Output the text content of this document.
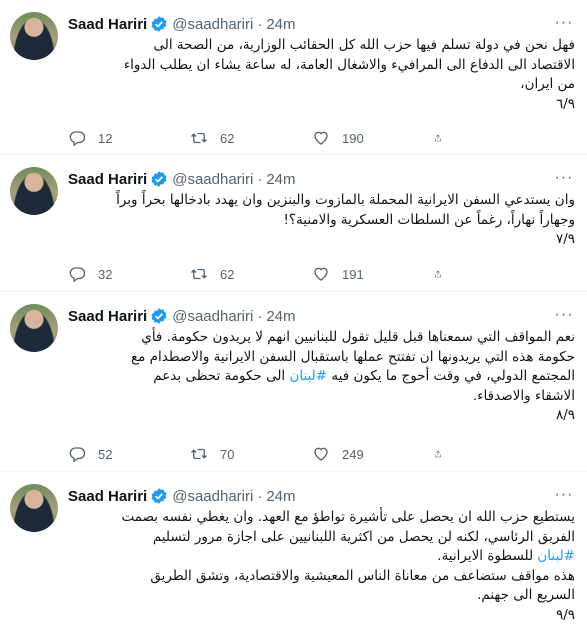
Saad Hariri @saadhariri · 24m	···

فهل نحن في دولة تسلم فيها حزب الله كل الحقائب الوزارية، من الصحة الى

الاقتصاد الى الدفاع الى المرافيء والاشغال العامة، له ساعة يشاء ان يطلب الدواء

من ايران،

٦/٩

12	62	190
Saad Hariri @saadhariri · 24m	···

وان يستدعي السفن الايرانية المحملة بالمازوت والبنزين وان يهدد بادخالها بحراً وبراً

وجهاراً نهاراً، رغماً عن السلطات العسكرية والامنية؟!

٧/٩

32	62	191
Saad Hariri @saadhariri · 24m	···

نعم المواقف التي سمعناها قبل قليل تقول للبنانيين انهم لا يريدون حكومة. فأي

حكومة هذه التي يريدونها ان تفتتح عملها باستقبال السفن الايرانية والاصطدام مع

المجتمع الدولي، في وقت أحوج ما يكون فيه #لبنان الى حكومة تحظى بدعم

الاشقاء والاصدقاء.

٨/٩

52	70	249
Saad Hariri @saadhariri · 24m	···

يستطيع حزب الله ان يحصل على تأشيرة تواطؤ مع العهد. وان يغطي نفسه بصمت

الفريق الرئاسي، لكنه لن يحصل من اكثرية اللبنانيين على اجازة مرور لتسليم

#لبنان للسطوة الايرانية.

هذه مواقف ستضاعف من معاناة الناس المعيشية والاقتصادية، وتشق الطريق

السريع الى جهنم.

٩/٩
